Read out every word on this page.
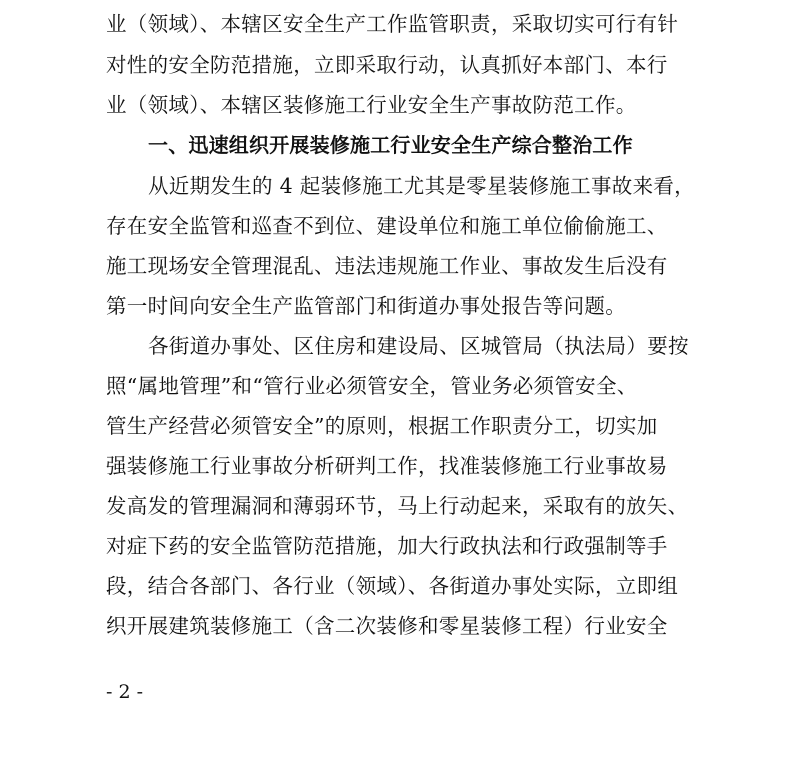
业（领域）、本辖区安全生产工作监管职责，采取切实可行有针
对性的安全防范措施，立即采取行动，认真抓好本部门、本行
业（领域）、本辖区装修施工行业安全生产事故防范工作。
一、迅速组织开展装修施工行业安全生产综合整治工作
从近期发生的 4 起装修施工尤其是零星装修施工事故来看，
存在安全监管和巡查不到位、建设单位和施工单位偷偷施工、
施工现场安全管理混乱、违法违规施工作业、事故发生后没有
第一时间向安全生产监管部门和街道办事处报告等问题。
各街道办事处、区住房和建设局、区城管局（执法局）要按
照“属地管理”和“管行业必须管安全，管业务必须管安全、
管生产经营必须管安全”的原则，根据工作职责分工，切实加
强装修施工行业事故分析研判工作，找准装修施工行业事故易
发高发的管理漏洞和薄弱环节，马上行动起来，采取有的放矢、
对症下药的安全监管防范措施，加大行政执法和行政强制等手
段，结合各部门、各行业（领域）、各街道办事处实际，立即组
织开展建筑装修施工（含二次装修和零星装修工程）行业安全
- 2 -
